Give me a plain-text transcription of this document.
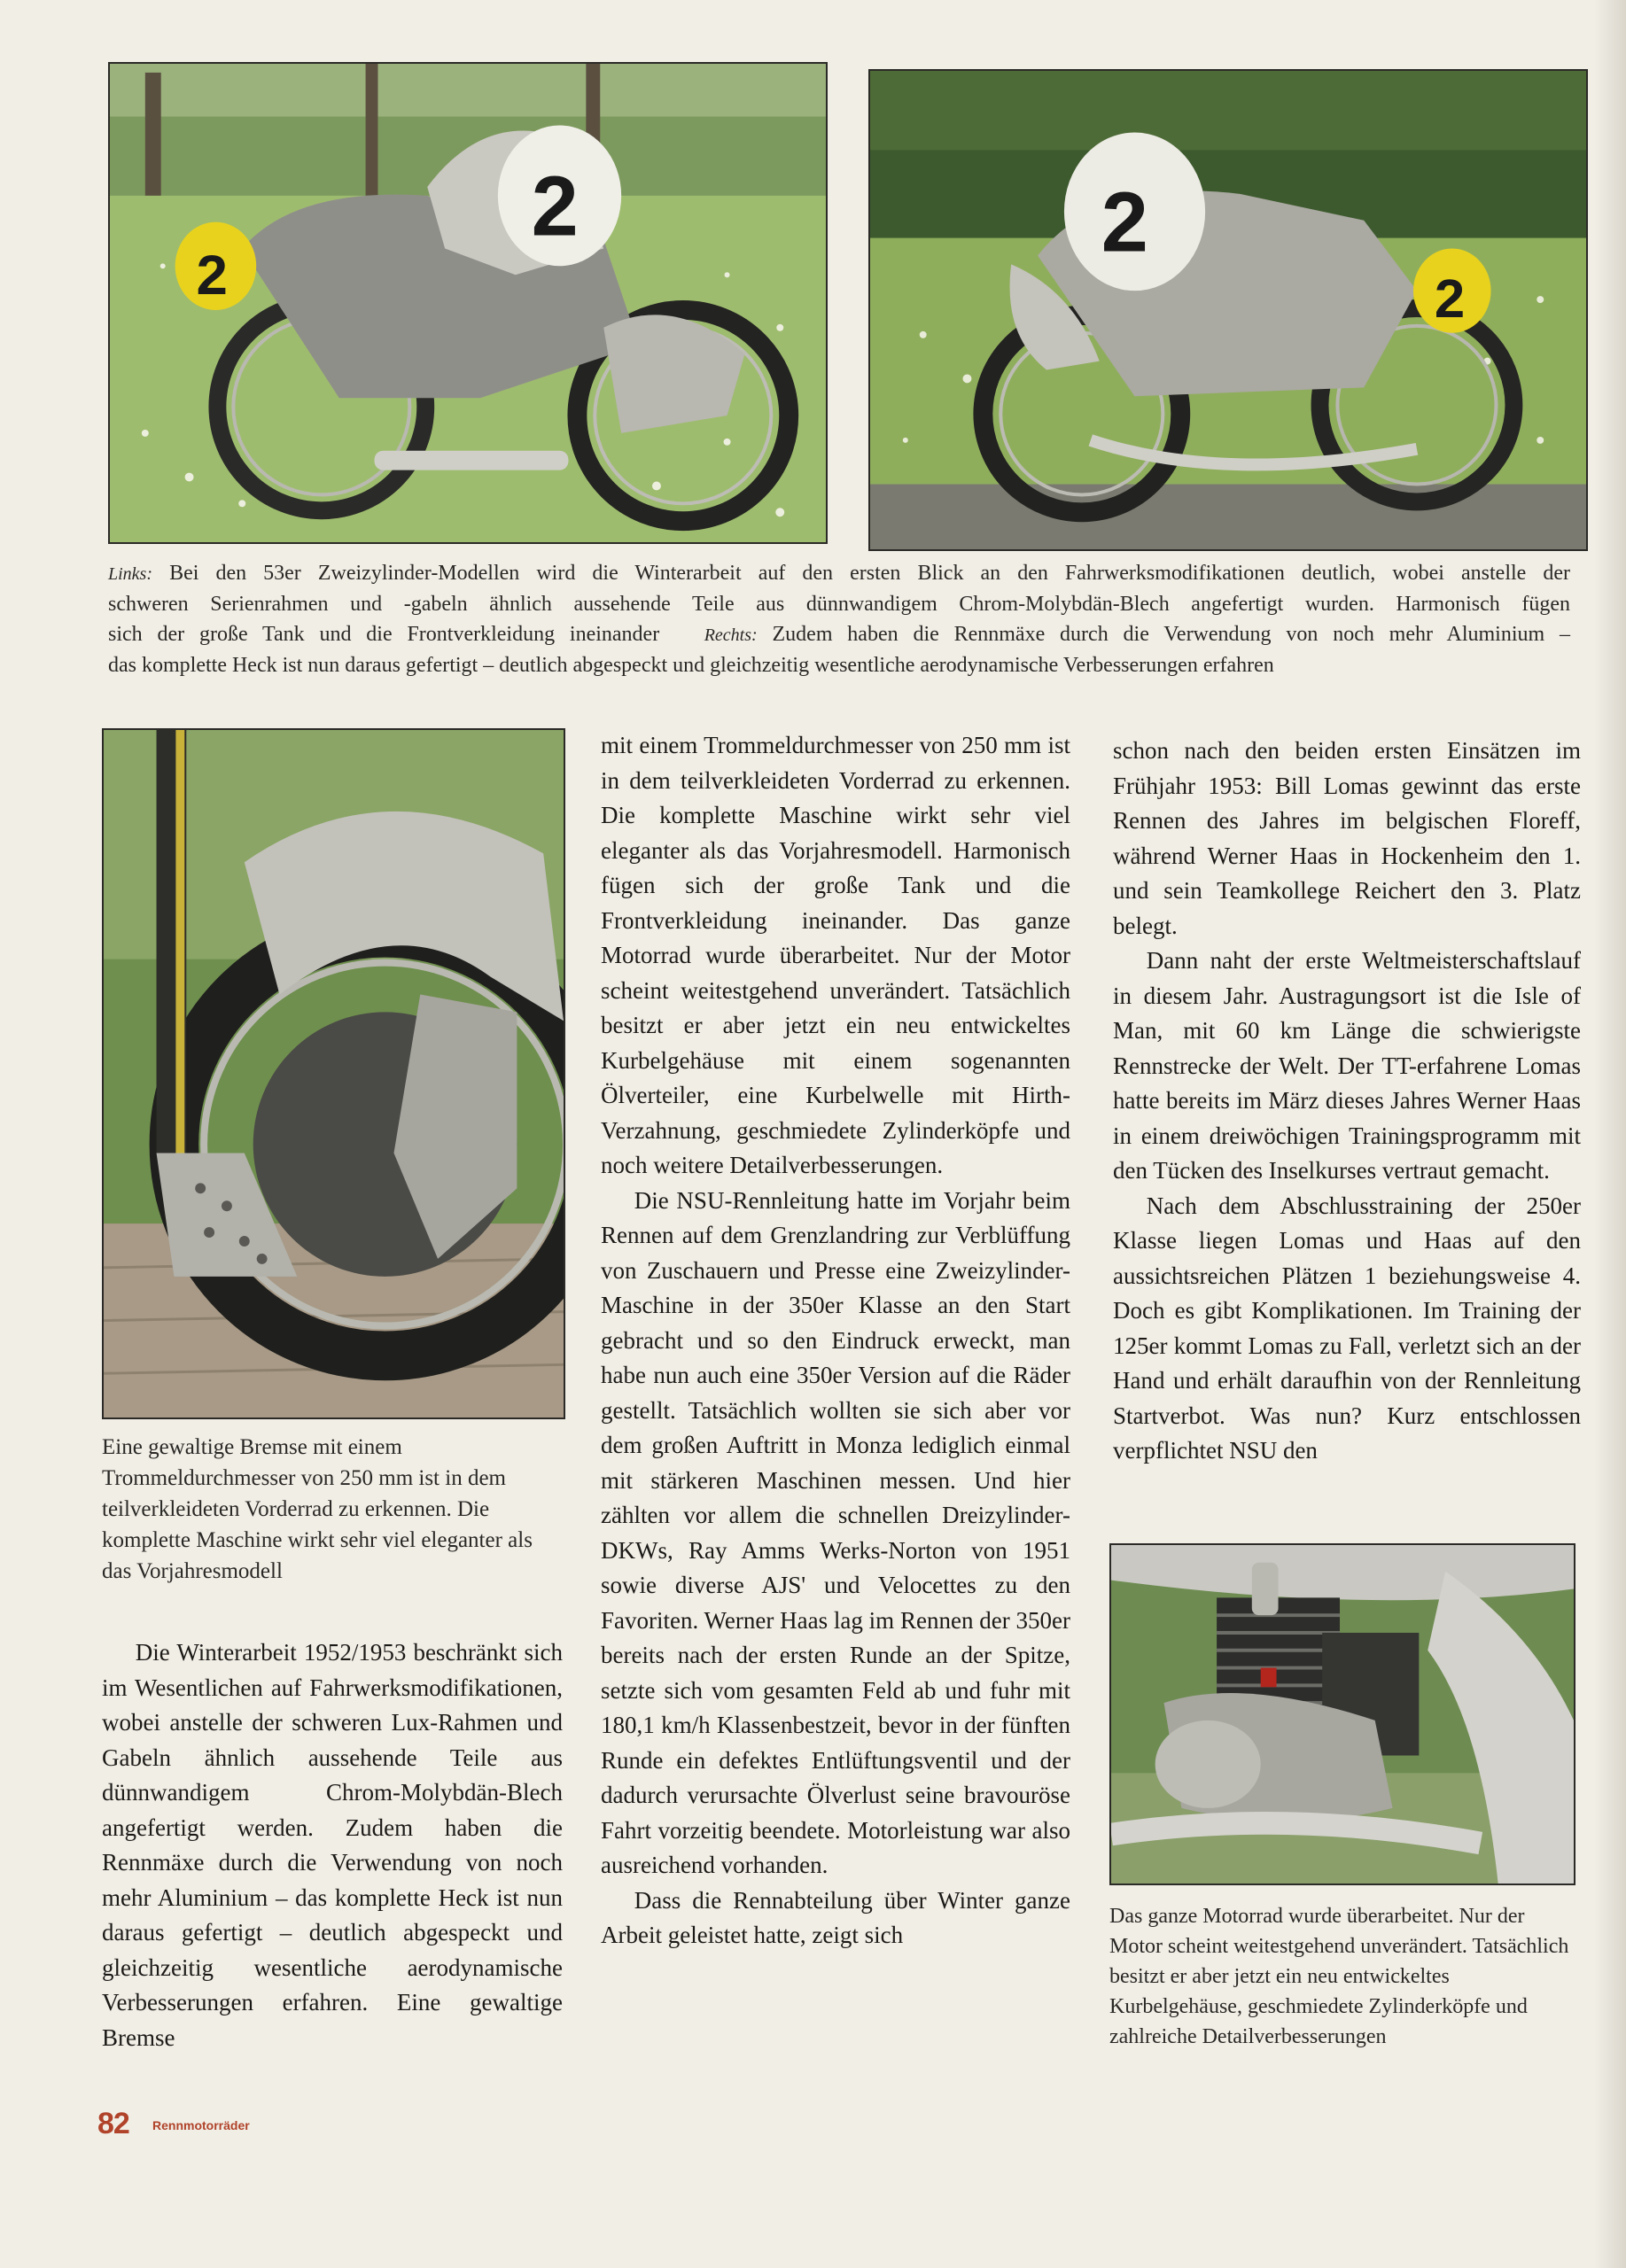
2
2
2
2
Links: Bei den 53er Zweizylinder-Modellen wird die Winterarbeit auf den ersten Blick an den Fahrwerksmodifikationen deutlich, wobei anstelle der
schweren Serienrahmen und -gabeln ähnlich aussehende Teile aus dünnwandigem Chrom-Molybdän-Blech angefertigt wurden. Harmonisch fügen
sich der große Tank und die Frontverkleidung ineinander	Rechts: Zudem haben die Rennmäxe durch die Verwendung von noch mehr Aluminium –
das komplette Heck ist nun daraus gefertigt – deutlich abgespeckt und gleichzeitig wesentliche aerodynamische Verbesserungen erfahren

Eine gewaltige Bremse mit einem Trommeldurchmesser von 250 mm ist in dem teilverkleideten Vorderrad zu erkennen. Die komplette Maschine wirkt sehr viel eleganter als das Vorjahresmodell

Die Winterarbeit 1952/1953 beschränkt sich im Wesentlichen auf Fahrwerksmodifikationen, wobei anstelle der schweren Lux-Rahmen und Gabeln ähnlich aussehende Teile aus dünnwandigem Chrom-Molybdän-Blech angefertigt werden. Zudem haben die Rennmäxe durch die Verwendung von noch mehr Aluminium – das komplette Heck ist nun daraus gefertigt – deutlich abgespeckt und gleichzeitig wesentliche aerodynamische Verbesserungen erfahren. Eine gewaltige Bremse

mit einem Trommeldurchmesser von 250 mm ist in dem teilverkleideten Vorderrad zu erkennen. Die komplette Maschine wirkt sehr viel eleganter als das Vorjahresmodell. Harmonisch fügen sich der große Tank und die Frontverkleidung ineinander. Das ganze Motorrad wurde überarbeitet. Nur der Motor scheint weitestgehend unverändert. Tatsächlich besitzt er aber jetzt ein neu entwickeltes Kurbelgehäuse mit einem sogenannten Ölverteiler, eine Kurbelwelle mit Hirth-Verzahnung, geschmiedete Zylinderköpfe und noch weitere Detailverbesserungen.

Die NSU-Rennleitung hatte im Vorjahr beim Rennen auf dem Grenzlandring zur Verblüffung von Zuschauern und Presse eine Zweizylinder-Maschine in der 350er Klasse an den Start gebracht und so den Eindruck erweckt, man habe nun auch eine 350er Version auf die Räder gestellt. Tatsächlich wollten sie sich aber vor dem großen Auftritt in Monza lediglich einmal mit stärkeren Maschinen messen. Und hier zählten vor allem die schnellen Dreizylinder-DKWs, Ray Amms Werks-Norton von 1951 sowie diverse AJS' und Velocettes zu den Favoriten. Werner Haas lag im Rennen der 350er bereits nach der ersten Runde an der Spitze, setzte sich vom gesamten Feld ab und fuhr mit 180,1 km/h Klassenbestzeit, bevor in der fünften Runde ein defektes Entlüftungsventil und der dadurch verursachte Ölverlust seine bravouröse Fahrt vorzeitig beendete. Motorleistung war also ausreichend vorhanden.

Dass die Rennabteilung über Winter ganze Arbeit geleistet hatte, zeigt sich

schon nach den beiden ersten Einsätzen im Frühjahr 1953: Bill Lomas gewinnt das erste Rennen des Jahres im belgischen Floreff, während Werner Haas in Hockenheim den 1. und sein Teamkollege Reichert den 3. Platz belegt.

Dann naht der erste Weltmeisterschaftslauf in diesem Jahr. Austragungsort ist die Isle of Man, mit 60 km Länge die schwierigste Rennstrecke der Welt. Der TT-erfahrene Lomas hatte bereits im März dieses Jahres Werner Haas in einem dreiwöchigen Trainingsprogramm mit den Tücken des Inselkurses vertraut gemacht.

Nach dem Abschlusstraining der 250er Klasse liegen Lomas und Haas auf den aussichtsreichen Plätzen 1 beziehungsweise 4. Doch es gibt Komplikationen. Im Training der 125er kommt Lomas zu Fall, verletzt sich an der Hand und erhält daraufhin von der Rennleitung Startverbot. Was nun? Kurz entschlossen verpflichtet NSU den

Das ganze Motorrad wurde überarbeitet. Nur der Motor scheint weitestgehend unverändert. Tatsächlich besitzt er aber jetzt ein neu entwickeltes Kurbelgehäuse, geschmiedete Zylinderköpfe und zahlreiche Detailverbesserungen

82 Rennmotorräder
